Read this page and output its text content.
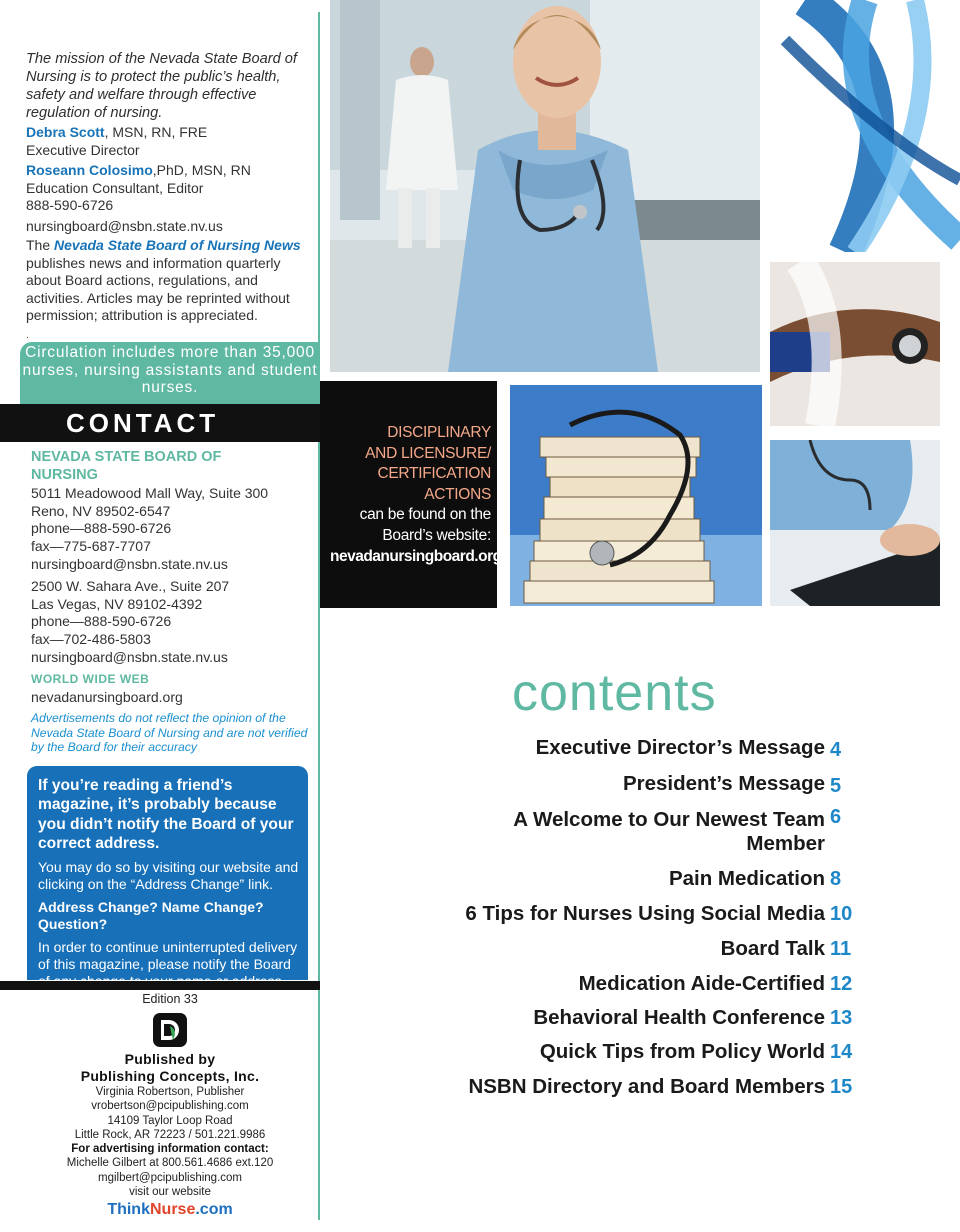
The mission of the Nevada State Board of Nursing is to protect the public’s health, safety and welfare through effective regulation of nursing.

Debra Scott, MSN, RN, FRE
Executive Director
Roseann Colosimo,PhD, MSN, RN
Education Consultant, Editor
888-590-6726
nursingboard@nsbn.state.nv.us

The Nevada State Board of Nursing News publishes news and information quarterly about Board actions, regulations, and activities. Articles may be reprinted without permission; attribution is appreciated.
.

Circulation includes more than 35,000 nurses, nursing assistants and student nurses.
CONTACT
NEVADA STATE BOARD OF NURSING
5011 Meadowood Mall Way, Suite 300
Reno, NV 89502-6547
phone—888-590-6726
fax—775-687-7707
nursingboard@nsbn.state.nv.us
2500 W. Sahara Ave., Suite 207
Las Vegas, NV 89102-4392
phone—888-590-6726
fax—702-486-5803
nursingboard@nsbn.state.nv.us
WORLD WIDE WEB
nevadanursingboard.org

Advertisements do not reflect the opinion of the Nevada State Board of Nursing and are not verified by the Board for their accuracy

If you’re reading a friend’s magazine, it’s probably because you didn’t notify the Board of your correct address.
You may do so by visiting our website and clicking on the “Address Change” link.
Address Change? Name Change? Question?
In order to continue uninterrupted delivery of this magazine, please notify the Board
Edition 33
Published by
Publishing Concepts, Inc.
Virginia Robertson, Publisher
vrobertson@pcipublishing.com
14109 Taylor Loop Road
Little Rock, AR 72223 / 501.221.9986
For advertising information contact:
Michelle Gilbert at 800.561.4686 ext.120
mgilbert@pcipublishing.com
visit our website
ThinkNurse.com
DISCIPLINARY
AND LICENSURE/
CERTIFICATION
ACTIONS
can be found on the
Board’s website:
nevadanursingboard.org
contents
Executive Director’s Message 4
President’s Message 5
A Welcome to Our Newest Team Member
6
Pain Medication 8
6 Tips for Nurses Using Social Media 10
Board Talk 11
Medication Aide-Certified 12
Behavioral Health Conference 13
Quick Tips from Policy World 14
NSBN Directory and Board Members 15
